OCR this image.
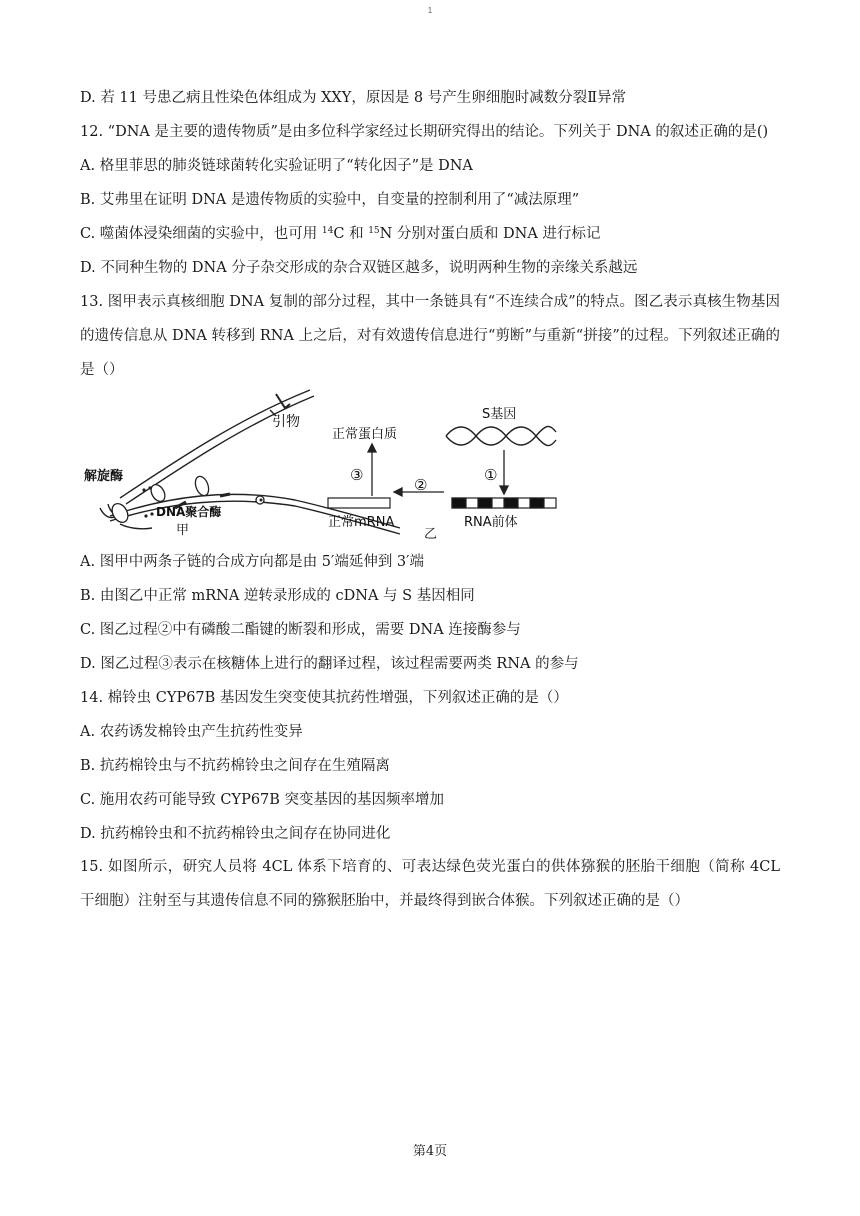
1
D. 若 11 号患乙病且性染色体组成为 XXY，原因是 8 号产生卵细胞时减数分裂Ⅱ异常
12. “DNA 是主要的遗传物质”是由多位科学家经过长期研究得出的结论。下列关于 DNA 的叙述正确的是()
A. 格里菲思的肺炎链球菌转化实验证明了“转化因子”是 DNA
B. 艾弗里在证明 DNA 是遗传物质的实验中，自变量的控制利用了“减法原理”
C. 噬菌体浸染细菌的实验中，也可用 $^{14}$C 和 $^{15}$N 分别对蛋白质和 DNA 进行标记
D. 不同种生物的 DNA 分子杂交形成的杂合双链区越多，说明两种生物的亲缘关系越远
13. 图甲表示真核细胞 DNA 复制的部分过程，其中一条链具有“不连续合成”的特点。图乙表示真核生物基因的遗传信息从 DNA 转移到 RNA 上之后，对有效遗传信息进行“剪断”与重新“拼接”的过程。下列叙述正确的是（）
引物
解旋酶
DNA聚合酶
甲
正常蛋白质
S基因
①
RNA前体
②
正常mRNA
乙
③
A. 图甲中两条子链的合成方向都是由 5′端延伸到 3′端
B. 由图乙中正常 mRNA 逆转录形成的 cDNA 与 S 基因相同
C. 图乙过程②中有磷酸二酯键的断裂和形成，需要 DNA 连接酶参与
D. 图乙过程③表示在核糖体上进行的翻译过程，该过程需要两类 RNA 的参与
14. 棉铃虫 CYP67B 基因发生突变使其抗药性增强，下列叙述正确的是（）
A. 农药诱发棉铃虫产生抗药性变异
B. 抗药棉铃虫与不抗药棉铃虫之间存在生殖隔离
C. 施用农药可能导致 CYP67B 突变基因的基因频率增加
D. 抗药棉铃虫和不抗药棉铃虫之间存在协同进化
15. 如图所示，研究人员将 4CL 体系下培育的、可表达绿色荧光蛋白的供体猕猴的胚胎干细胞（简称 4CL 干细胞）注射至与其遗传信息不同的猕猴胚胎中，并最终得到嵌合体猴。下列叙述正确的是（）
第4页
